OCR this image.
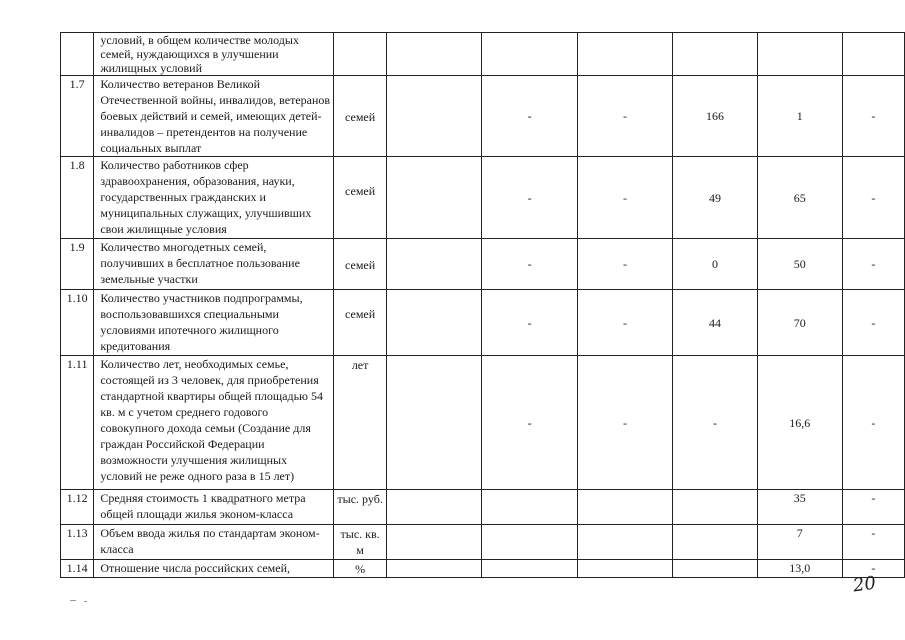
	условий, в общем количестве молодых семей, нуждающихся в улучшении жилищных условий							
1.7	Количество ветеранов Великой Отечественной войны, инвалидов, ветеранов боевых действий и семей, имеющих детей-инвалидов – претендентов на получение социальных выплат	семей		-	-	166	1	-
1.8	Количество работников сфер здравоохранения, образования, науки, государственных гражданских и муниципальных служащих, улучшивших свои жилищные условия	семей		-	-	49	65	-
1.9	Количество многодетных семей, получивших в бесплатное пользование земельные участки	семей		-	-	0	50	-
1.10	Количество участников подпрограммы, воспользовавшихся специальными условиями ипотечного жилищного кредитования	семей		-	-	44	70	-
1.11	Количество лет, необходимых семье, состоящей из 3 человек, для приобретения стандартной квартиры общей площадью 54 кв. м с учетом среднего годового совокупного дохода семьи (Создание для граждан Российской Федерации возможности улучшения жилищных условий не реже одного раза в 15 лет)	лет		-	-	-	16,6	-
1.12	Средняя стоимость 1 квадратного метра общей площади жилья эконом-класса	тыс. руб.					35	-
1.13	Объем ввода жилья по стандартам эконом-класса	тыс. кв. м					7	-
1.14	Отношение числа российских семей,	%					13,0	-
20
